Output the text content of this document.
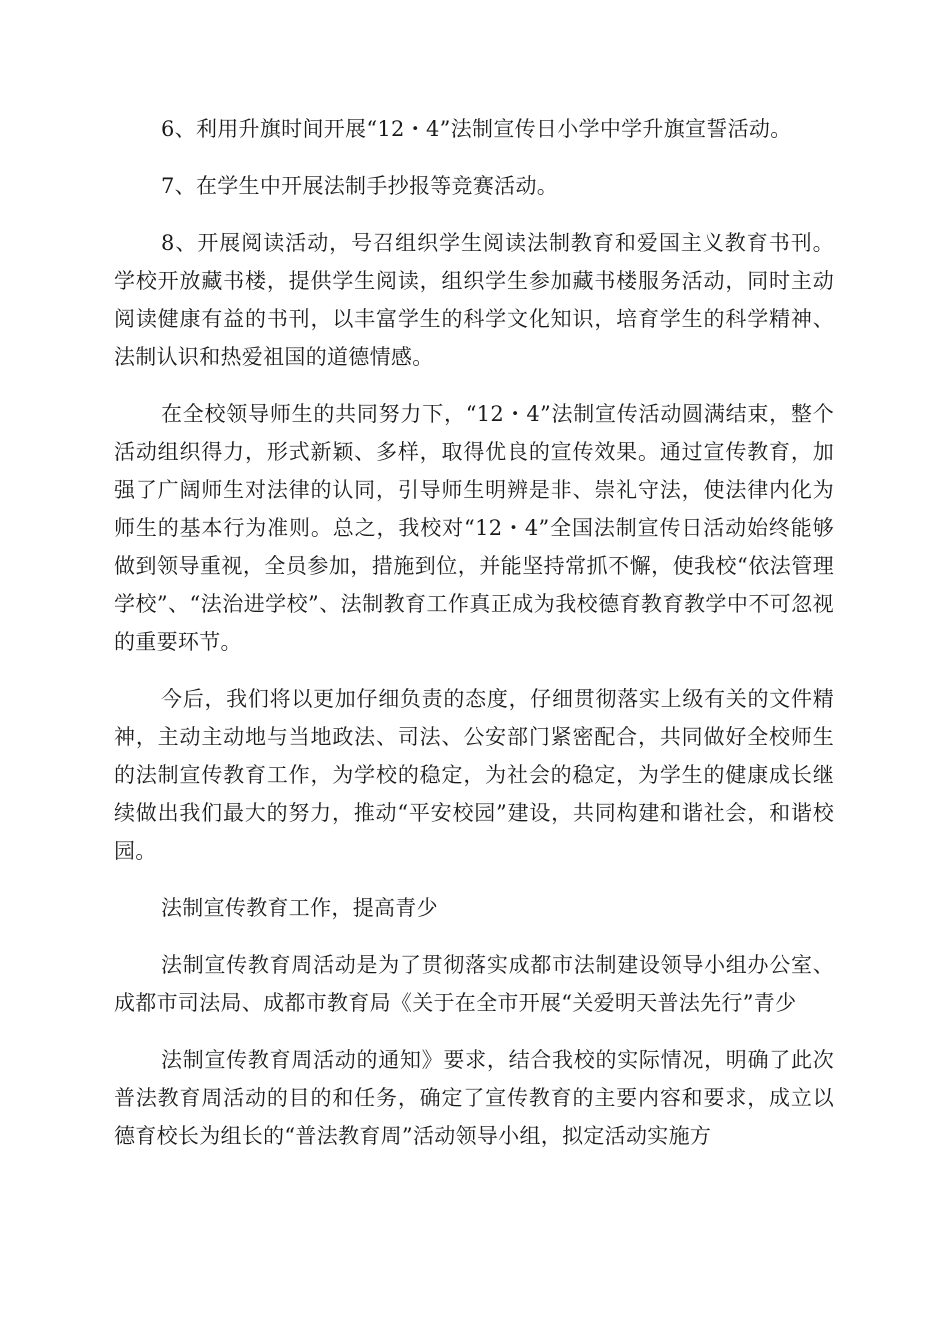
6、利用升旗时间开展“12・4”法制宣传日小学中学升旗宣誓活动。

7、在学生中开展法制手抄报等竞赛活动。

8、开展阅读活动，号召组织学生阅读法制教育和爱国主义教育书刊。学校开放藏书楼，提供学生阅读，组织学生参加藏书楼服务活动，同时主动阅读健康有益的书刊，以丰富学生的科学文化知识，培育学生的科学精神、法制认识和热爱祖国的道德情感。

在全校领导师生的共同努力下，“12・4”法制宣传活动圆满结束，整个活动组织得力，形式新颖、多样，取得优良的宣传效果。通过宣传教育，加强了广阔师生对法律的认同，引导师生明辨是非、崇礼守法，使法律内化为师生的基本行为准则。总之，我校对“12・4”全国法制宣传日活动始终能够做到领导重视，全员参加，措施到位，并能坚持常抓不懈，使我校“依法管理学校”、“法治进学校”、法制教育工作真正成为我校德育教育教学中不可忽视的重要环节。

今后，我们将以更加仔细负责的态度，仔细贯彻落实上级有关的文件精神，主动主动地与当地政法、司法、公安部门紧密配合，共同做好全校师生的法制宣传教育工作，为学校的稳定，为社会的稳定，为学生的健康成长继续做出我们最大的努力，推动“平安校园”建设，共同构建和谐社会，和谐校园。

法制宣传教育工作，提高青少

法制宣传教育周活动是为了贯彻落实成都市法制建设领导小组办公室、成都市司法局、成都市教育局《关于在全市开展“关爱明天普法先行”青少

法制宣传教育周活动的通知》要求，结合我校的实际情况，明确了此次普法教育周活动的目的和任务，确定了宣传教育的主要内容和要求，成立以德育校长为组长的“普法教育周”活动领导小组，拟定活动实施方
